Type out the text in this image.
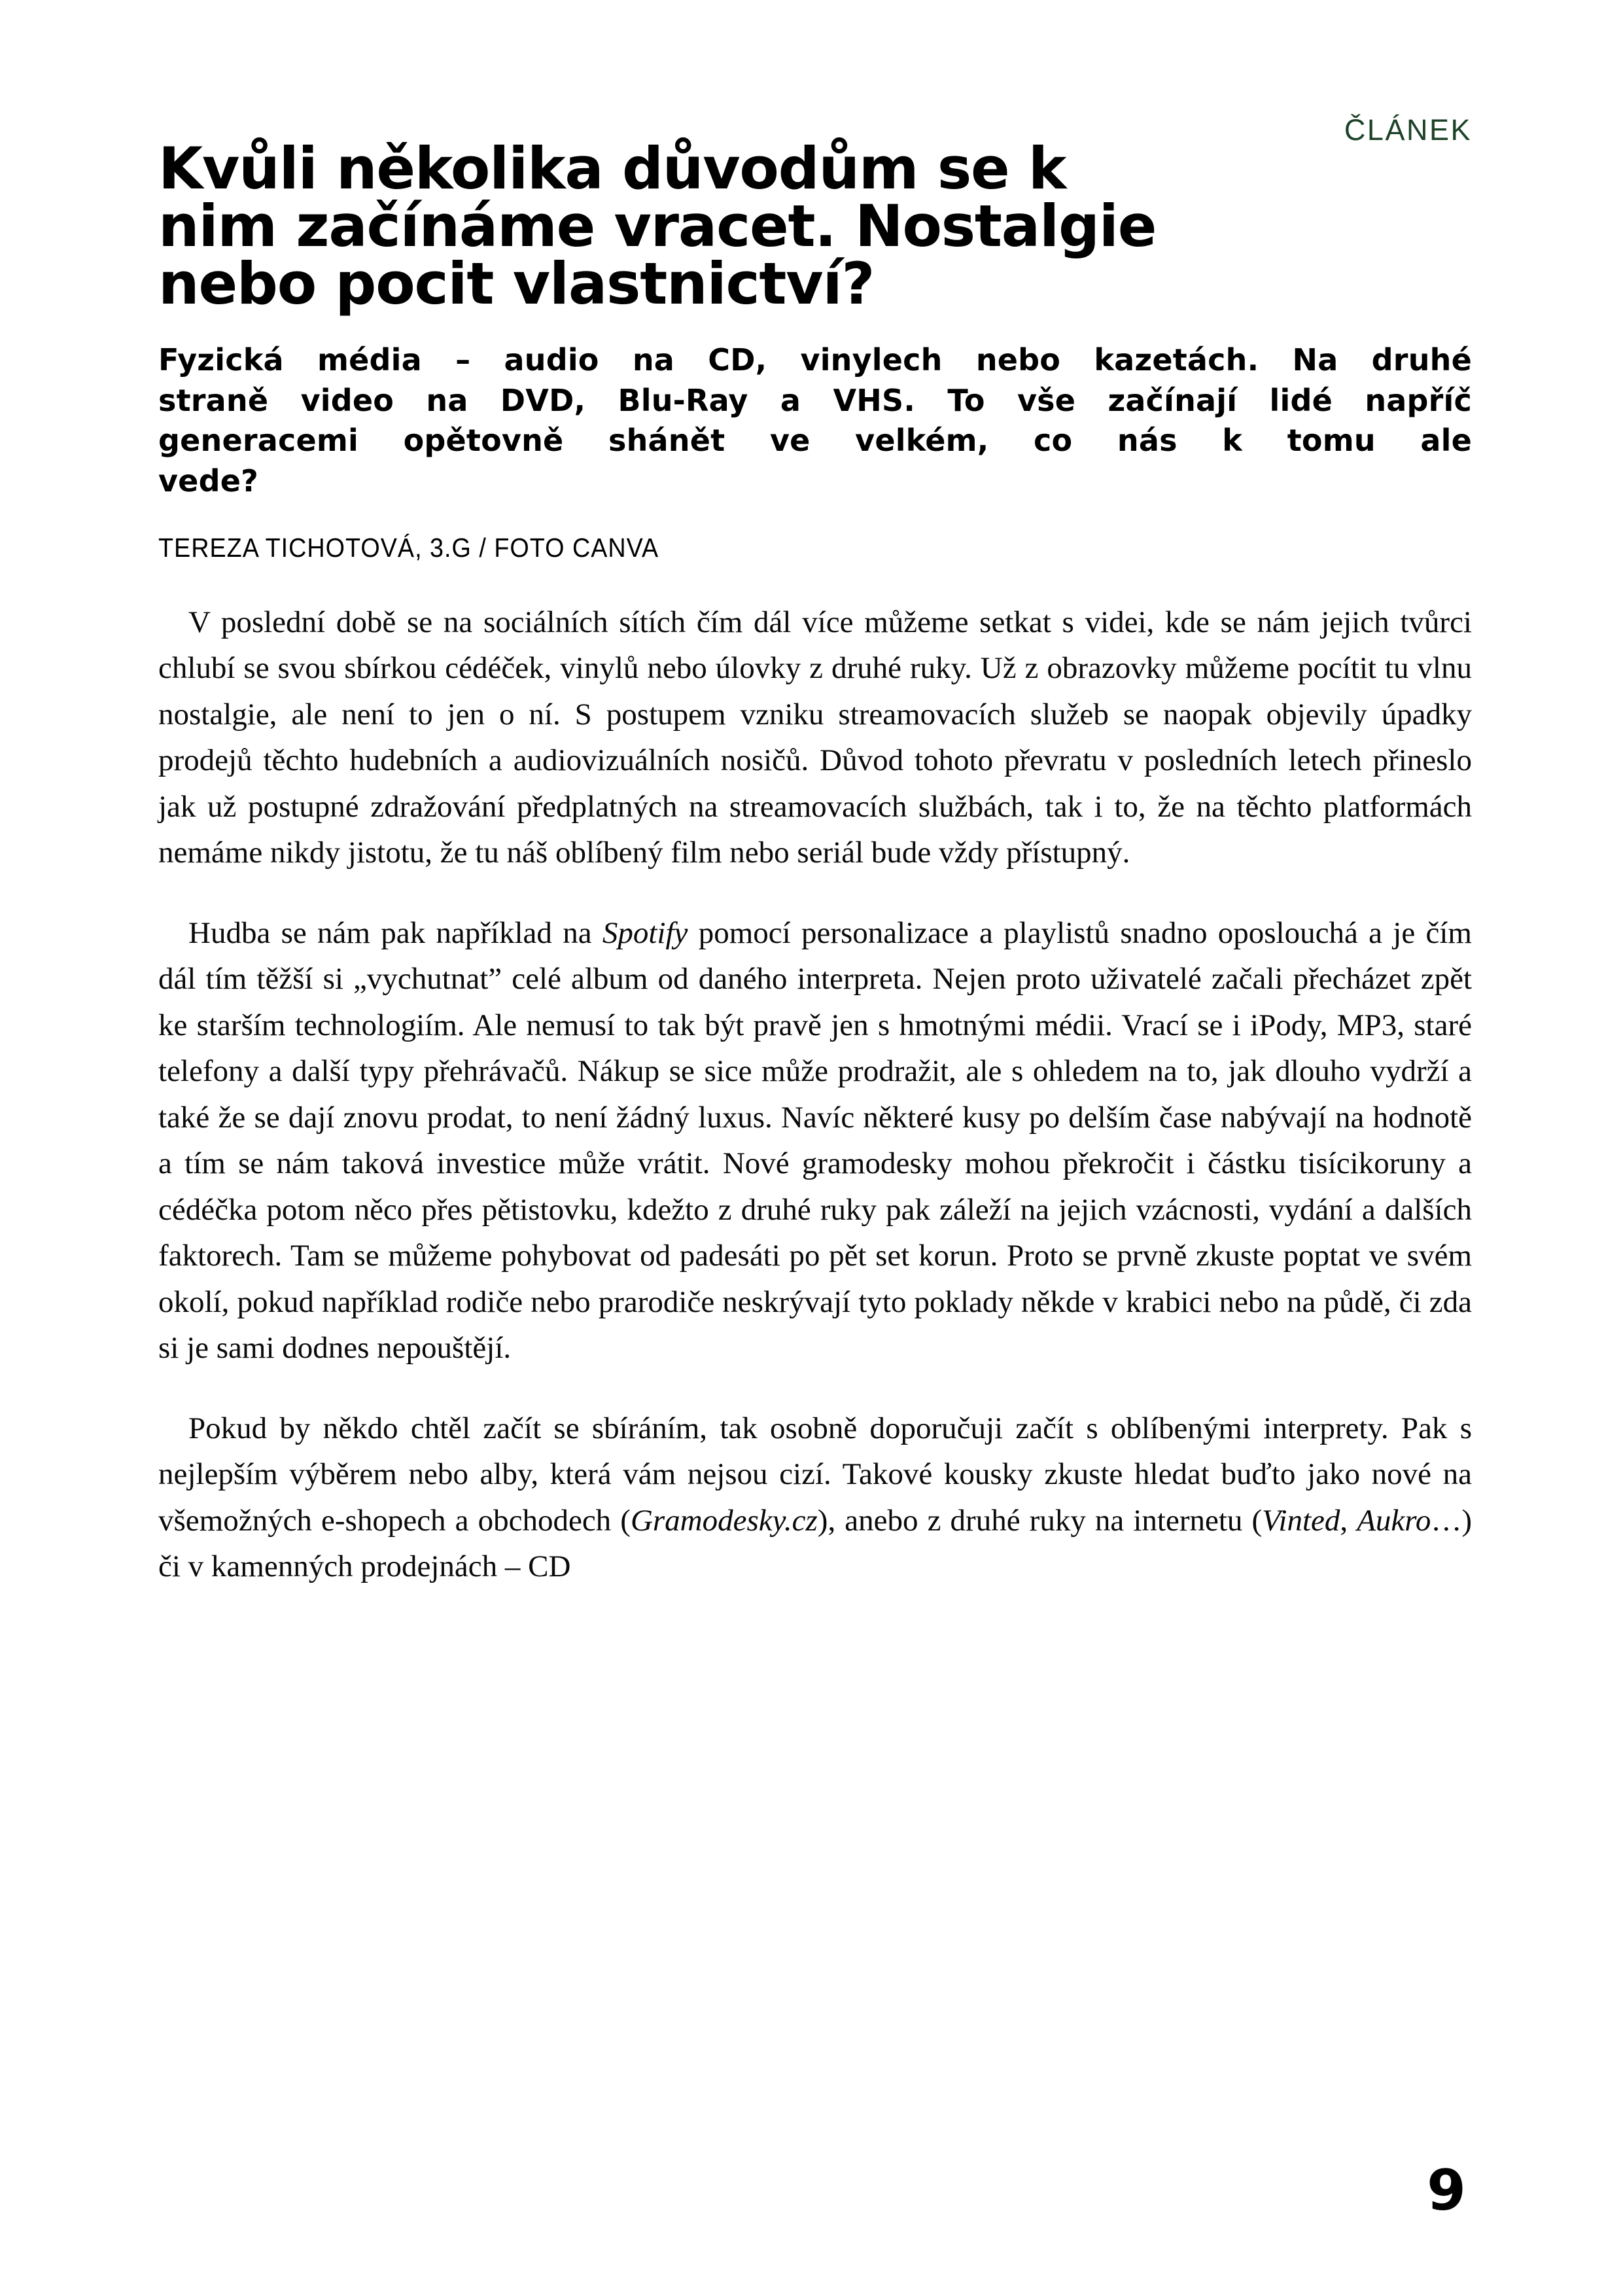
ČLÁNEK
Kvůli několika důvodům se k
nim začínáme vracet. Nostalgie
nebo pocit vlastnictví?

Fyzická média – audio na CD, vinylech nebo kazetách. Na druhé
straně video na DVD, Blu-Ray a VHS. To vše začínají lidé napříč
generacemi opětovně shánět ve velkém, co nás k tomu ale
vede?

TEREZA TICHOTOVÁ, 3.G / FOTO CANVA

V poslední době se na sociálních sítích čím dál více můžeme setkat s videi, kde se nám jejich tvůrci chlubí se svou sbírkou cédéček, vinylů nebo úlovky z druhé ruky. Už z obrazovky můžeme pocítit tu vlnu nostalgie, ale není to jen o ní. S postupem vzniku streamovacích služeb se naopak objevily úpadky prodejů těchto hudebních a audiovizuálních nosičů. Důvod tohoto převratu v posledních letech přineslo jak už postupné zdražování předplatných na streamovacích službách, tak i to, že na těchto platformách nemáme nikdy jistotu, že tu náš oblíbený film nebo seriál bude vždy přístupný.

Hudba se nám pak například na Spotify pomocí personalizace a playlistů snadno oposlouchá a je čím dál tím těžší si „vychutnat” celé album od daného interpreta. Nejen proto uživatelé začali přecházet zpět ke starším technologiím. Ale nemusí to tak být pravě jen s hmotnými médii. Vrací se i iPody, MP3, staré telefony a další typy přehrávačů. Nákup se sice může prodražit, ale s ohledem na to, jak dlouho vydrží a také že se dají znovu prodat, to není žádný luxus. Navíc některé kusy po delším čase nabývají na hodnotě a tím se nám taková investice může vrátit. Nové gramodesky mohou překročit i částku tisícikoruny a cédéčka potom něco přes pětistovku, kdežto z druhé ruky pak záleží na jejich vzácnosti, vydání a dalších faktorech. Tam se můžeme pohybovat od padesáti po pět set korun. Proto se prvně zkuste poptat ve svém okolí, pokud například rodiče nebo prarodiče neskrývají tyto poklady někde v krabici nebo na půdě, či zda si je sami dodnes nepouštějí.

Pokud by někdo chtěl začít se sbíráním, tak osobně doporučuji začít s oblíbenými interprety. Pak s nejlepším výběrem nebo alby, která vám nejsou cizí. Takové kousky zkuste hledat buďto jako nové na všemožných e-shopech a obchodech (Gramodesky.cz), anebo z druhé ruky na internetu (Vinted, Aukro…) či v kamenných prodejnách – CD

9
